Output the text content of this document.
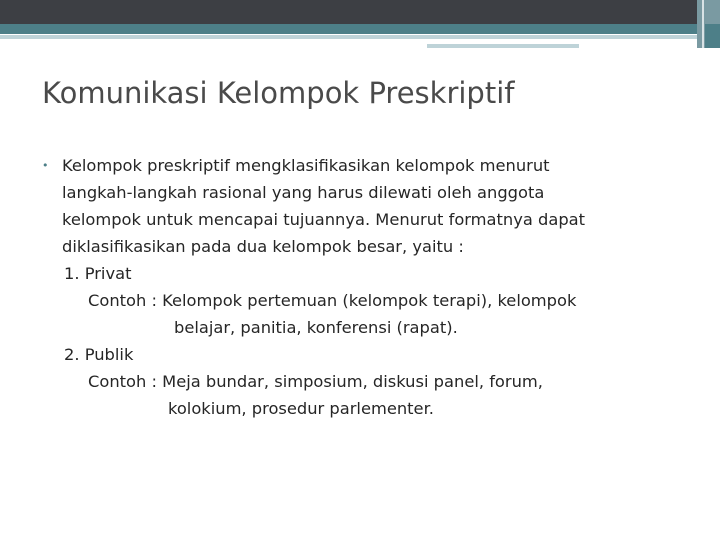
Komunikasi Kelompok Preskriptif
• Kelompok preskriptif mengklasifikasikan kelompok menurut
langkah-langkah rasional yang harus dilewati oleh anggota
kelompok untuk mencapai tujuannya. Menurut formatnya dapat
diklasifikasikan pada dua kelompok besar, yaitu :
1. Privat
Contoh : Kelompok pertemuan (kelompok terapi), kelompok
belajar, panitia, konferensi (rapat).
2. Publik
Contoh : Meja bundar, simposium, diskusi panel, forum,
kolokium, prosedur parlementer.
